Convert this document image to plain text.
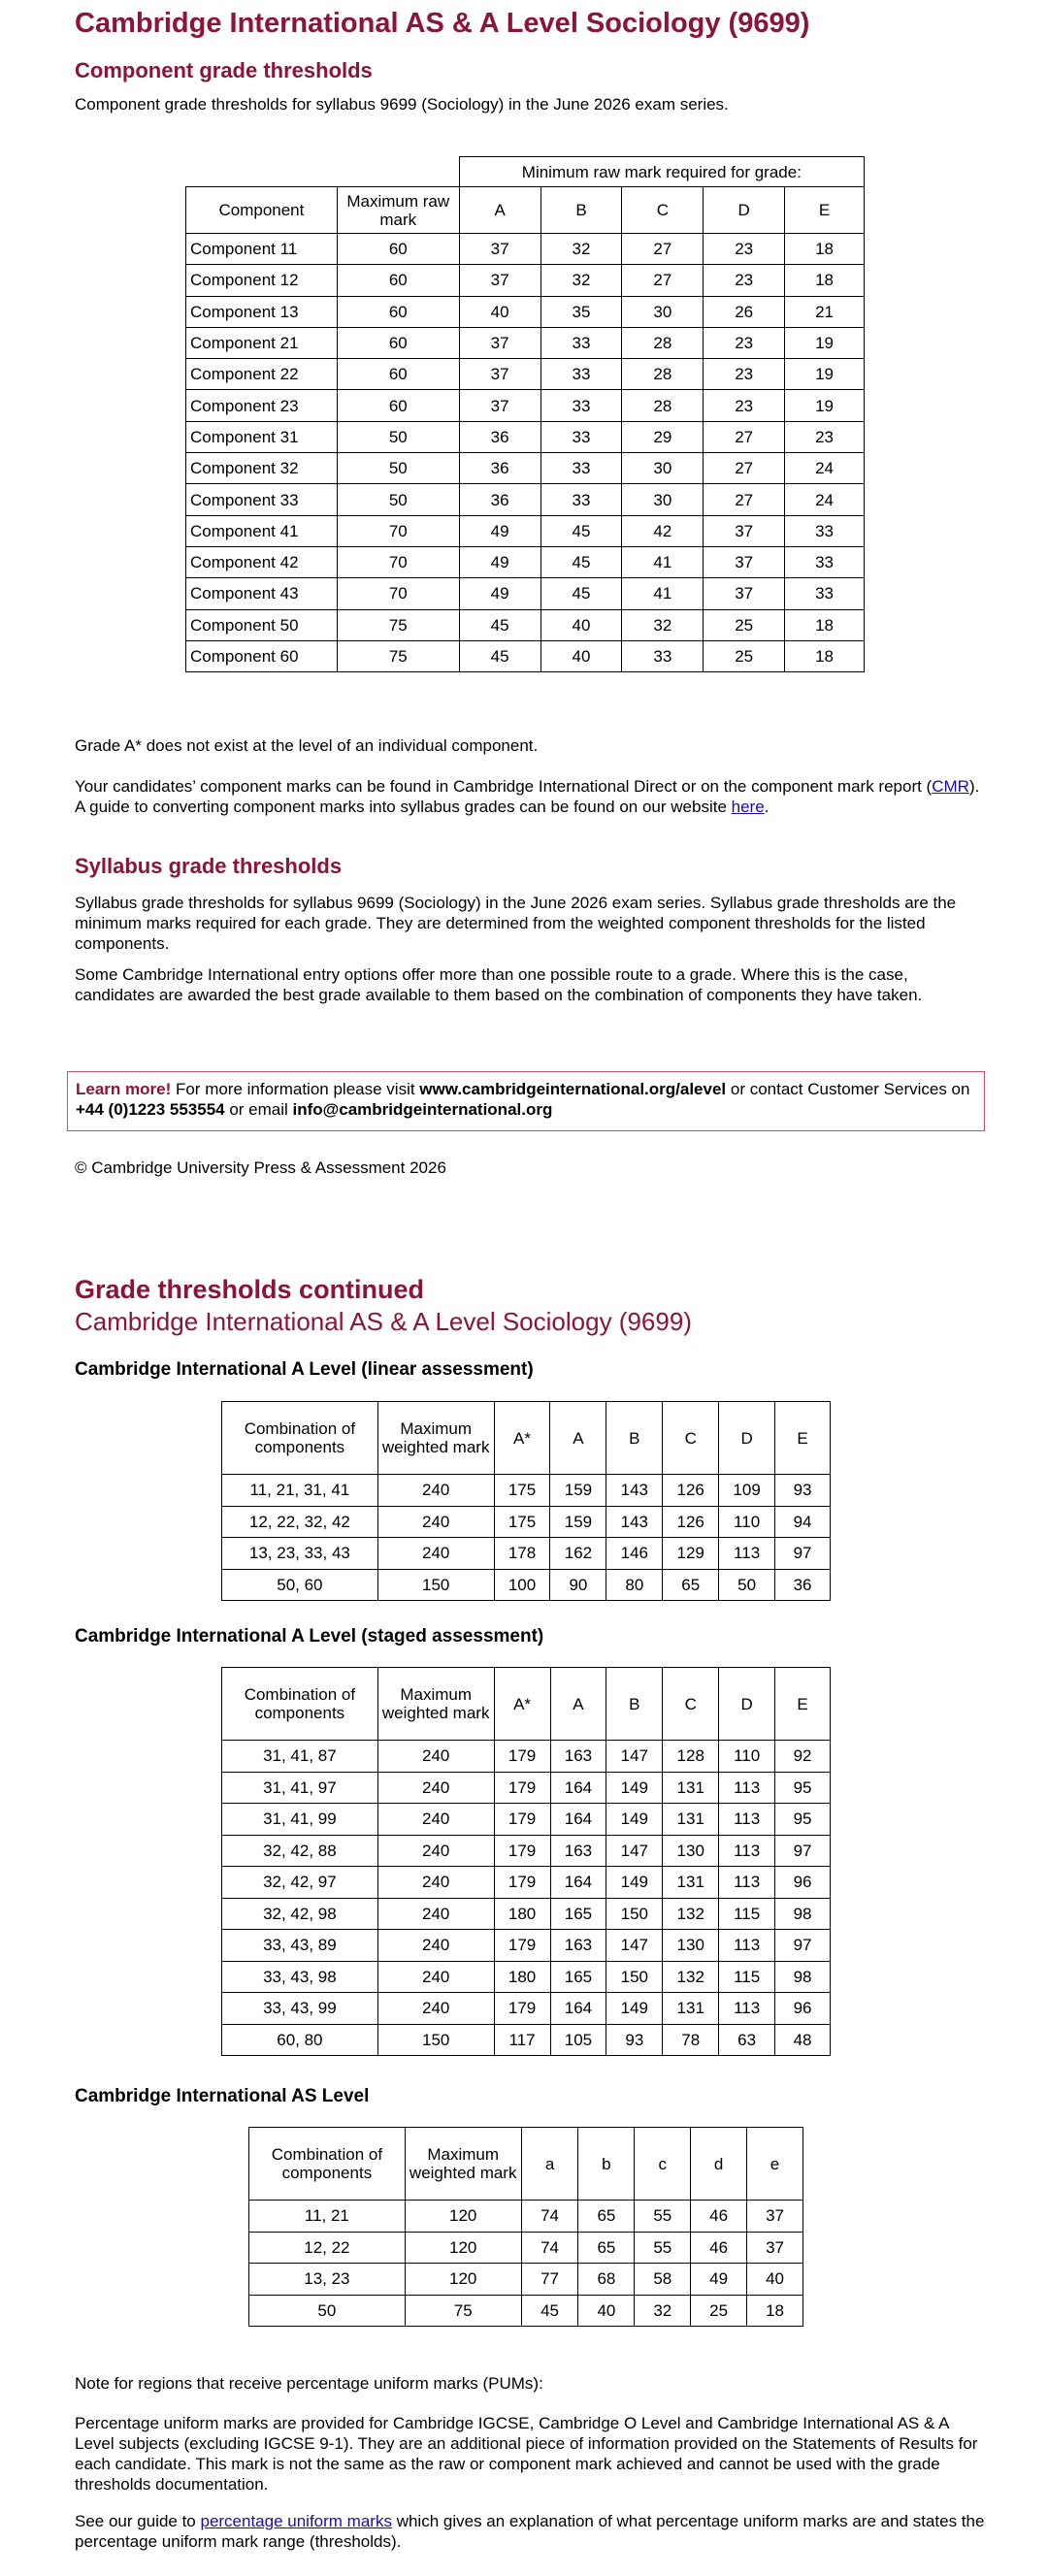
Cambridge International AS & A Level Sociology (9699)
Component grade thresholds
Component grade thresholds for syllabus 9699 (Sociology) in the June 2026 exam series.
		Minimum raw mark required for grade:				
Component	Maximum raw mark	A	B	C	D	E
Component 11	60	37	32	27	23	18
Component 12	60	37	32	27	23	18
Component 13	60	40	35	30	26	21
Component 21	60	37	33	28	23	19
Component 22	60	37	33	28	23	19
Component 23	60	37	33	28	23	19
Component 31	50	36	33	29	27	23
Component 32	50	36	33	30	27	24
Component 33	50	36	33	30	27	24
Component 41	70	49	45	42	37	33
Component 42	70	49	45	41	37	33
Component 43	70	49	45	41	37	33
Component 50	75	45	40	32	25	18
Component 60	75	45	40	33	25	18
Grade A* does not exist at the level of an individual component.
Your candidates’ component marks can be found in Cambridge International Direct or on the component mark report (CMR). A guide to converting component marks into syllabus grades can be found on our website here.
Syllabus grade thresholds
Syllabus grade thresholds for syllabus 9699 (Sociology) in the June 2026 exam series. Syllabus grade thresholds are the minimum marks required for each grade. They are determined from the weighted component thresholds for the listed components.
Some Cambridge International entry options offer more than one possible route to a grade. Where this is the case, candidates are awarded the best grade available to them based on the combination of components they have taken.
Learn more! For more information please visit www.cambridgeinternational.org/alevel or contact Customer Services on +44 (0)1223 553554 or email info@cambridgeinternational.org
© Cambridge University Press & Assessment 2026
Grade thresholds continued
Cambridge International AS & A Level Sociology (9699)
Cambridge International A Level (linear assessment)
Combination of components	Maximum weighted mark	A*	A	B	C	D	E
11, 21, 31, 41	240	175	159	143	126	109	93
12, 22, 32, 42	240	175	159	143	126	110	94
13, 23, 33, 43	240	178	162	146	129	113	97
50, 60	150	100	90	80	65	50	36
Cambridge International A Level (staged assessment)
Combination of components	Maximum weighted mark	A*	A	B	C	D	E
31, 41, 87	240	179	163	147	128	110	92
31, 41, 97	240	179	164	149	131	113	95
31, 41, 99	240	179	164	149	131	113	95
32, 42, 88	240	179	163	147	130	113	97
32, 42, 97	240	179	164	149	131	113	96
32, 42, 98	240	180	165	150	132	115	98
33, 43, 89	240	179	163	147	130	113	97
33, 43, 98	240	180	165	150	132	115	98
33, 43, 99	240	179	164	149	131	113	96
60, 80	150	117	105	93	78	63	48
Cambridge International AS Level
Combination of components	Maximum weighted mark	a	b	c	d	e
11, 21	120	74	65	55	46	37
12, 22	120	74	65	55	46	37
13, 23	120	77	68	58	49	40
50	75	45	40	32	25	18
Note for regions that receive percentage uniform marks (PUMs):
Percentage uniform marks are provided for Cambridge IGCSE, Cambridge O Level and Cambridge International AS & A Level subjects (excluding IGCSE 9-1). They are an additional piece of information provided on the Statements of Results for each candidate. This mark is not the same as the raw or component mark achieved and cannot be used with the grade thresholds documentation.
See our guide to percentage uniform marks which gives an explanation of what percentage uniform marks are and states the percentage uniform mark range (thresholds).
